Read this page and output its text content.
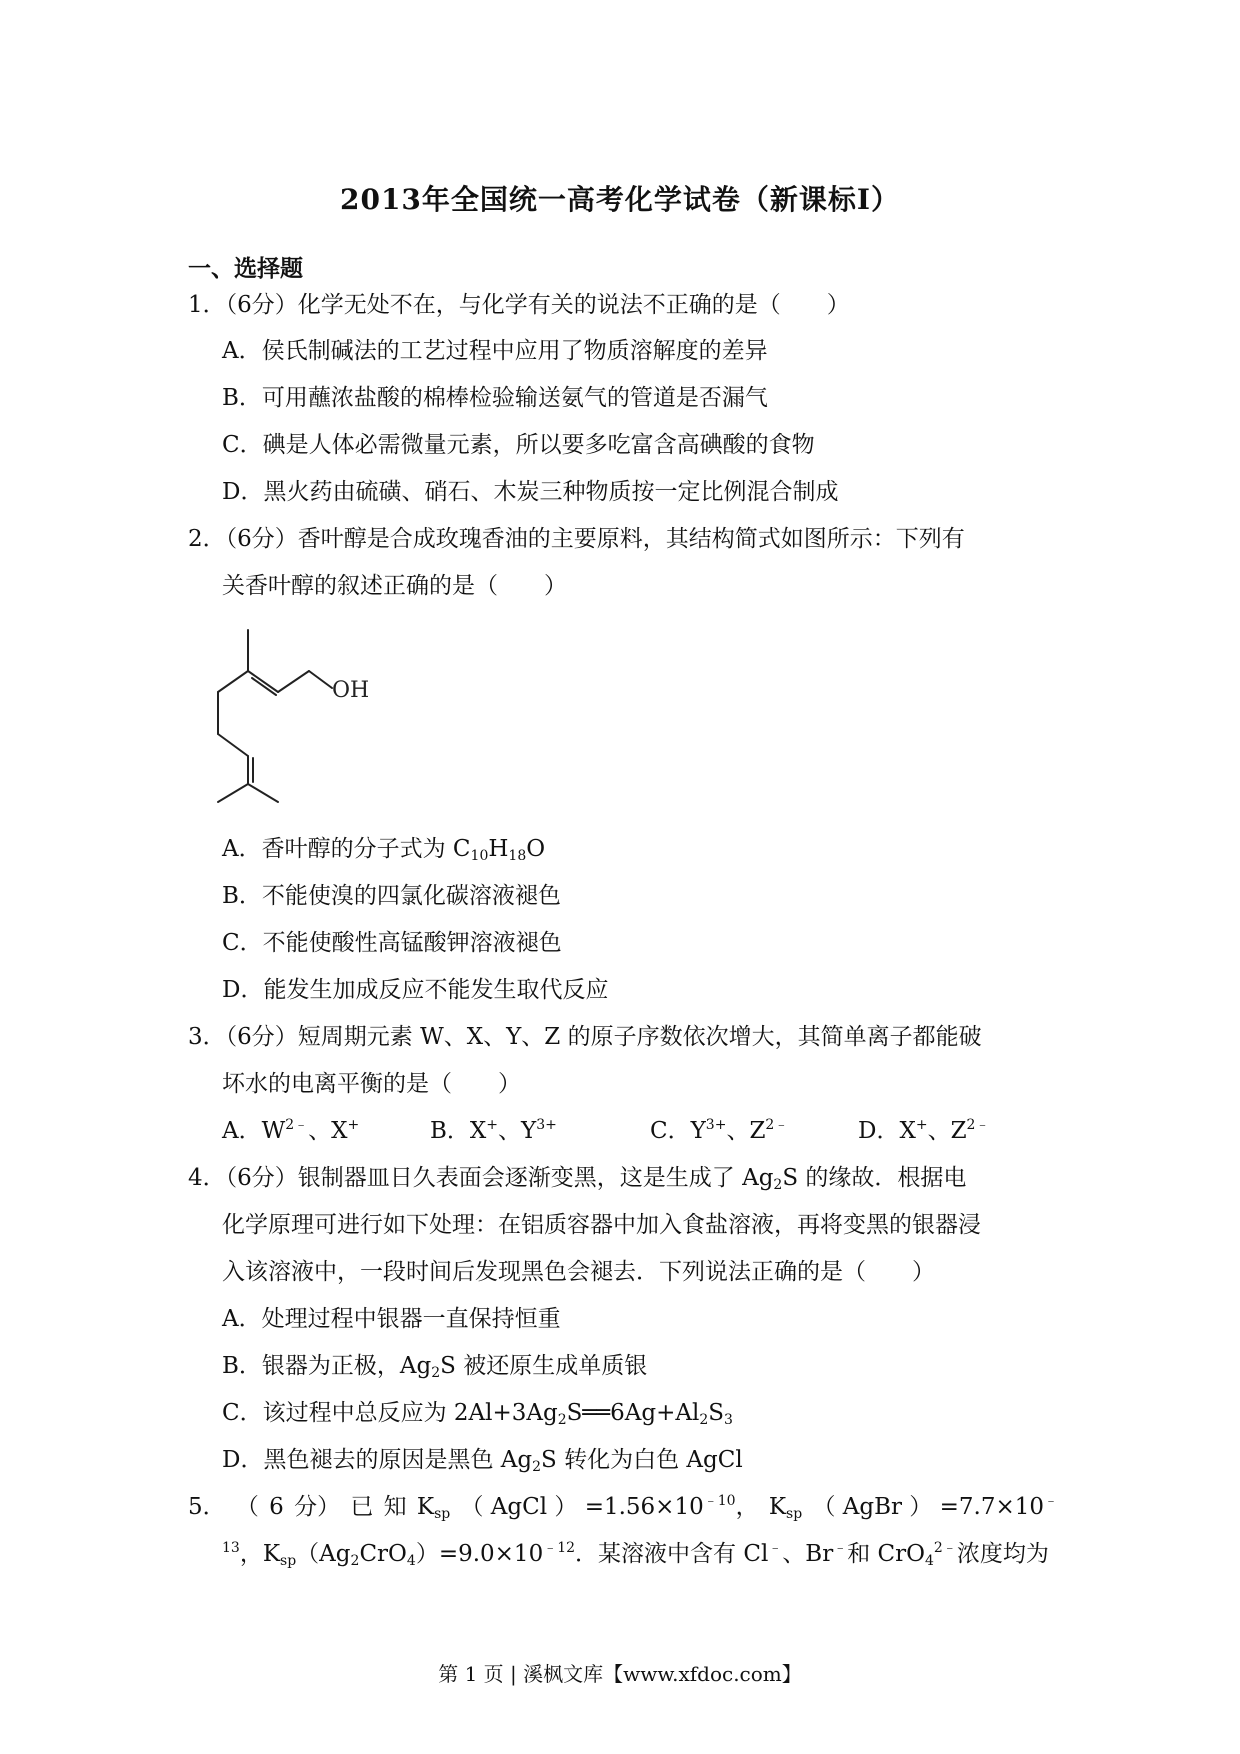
2013年全国统一高考化学试卷（新课标Ⅰ）
一、选择题
1．（6分）化学无处不在，与化学有关的说法不正确的是（　　）
A．侯氏制碱法的工艺过程中应用了物质溶解度的差异
B．可用蘸浓盐酸的棉棒检验输送氨气的管道是否漏气
C．碘是人体必需微量元素，所以要多吃富含高碘酸的食物
D．黑火药由硫磺、硝石、木炭三种物质按一定比例混合制成
2．（6分）香叶醇是合成玫瑰香油的主要原料，其结构简式如图所示：下列有
关香叶醇的叙述正确的是（　　）
OH
A．香叶醇的分子式为 $C_{10}H_{18}O$
B．不能使溴的四氯化碳溶液褪色
C．不能使酸性高锰酸钾溶液褪色
D．能发生加成反应不能发生取代反应
3．（6分）短周期元素 W、X、Y、Z 的原子序数依次增大，其简单离子都能破
坏水的电离平衡的是（　　）
A．$W^{2﹣}$、X+	B．X+、$Y^{3+}$	C．$Y^{3+}$、$Z^{2﹣}$	D．X+、$Z^{2﹣}$
4．（6分）银制器皿日久表面会逐渐变黑，这是生成了 $Ag_2S$ 的缘故．根据电
化学原理可进行如下处理：在铝质容器中加入食盐溶液，再将变黑的银器浸
入该溶液中，一段时间后发现黑色会褪去．下列说法正确的是（　　）
A．处理过程中银器一直保持恒重
B．银器为正极，$Ag_2S$ 被还原生成单质银
C．该过程中总反应为 $2Al+3Ag_2S══6Ag+Al_2S_3$
D．黑色褪去的原因是黑色 $Ag_2S$ 转化为白色 AgCl
5． （ 6 分） 已 知 $K_{sp}$ （ AgCl ） $=1.56\times 10^{﹣10}$， $K_{sp}$ （ AgBr ） =7.7×10﹣
$^{13}$，$K_{sp}(Ag_2CrO_4)=9.0\times 10^{﹣12}$．某溶液中含有 Cl﹣、Br﹣和 CrO$_4^{2﹣}$浓度均为
第 1 页 | 溪枫文库【www.xfdoc.com】
